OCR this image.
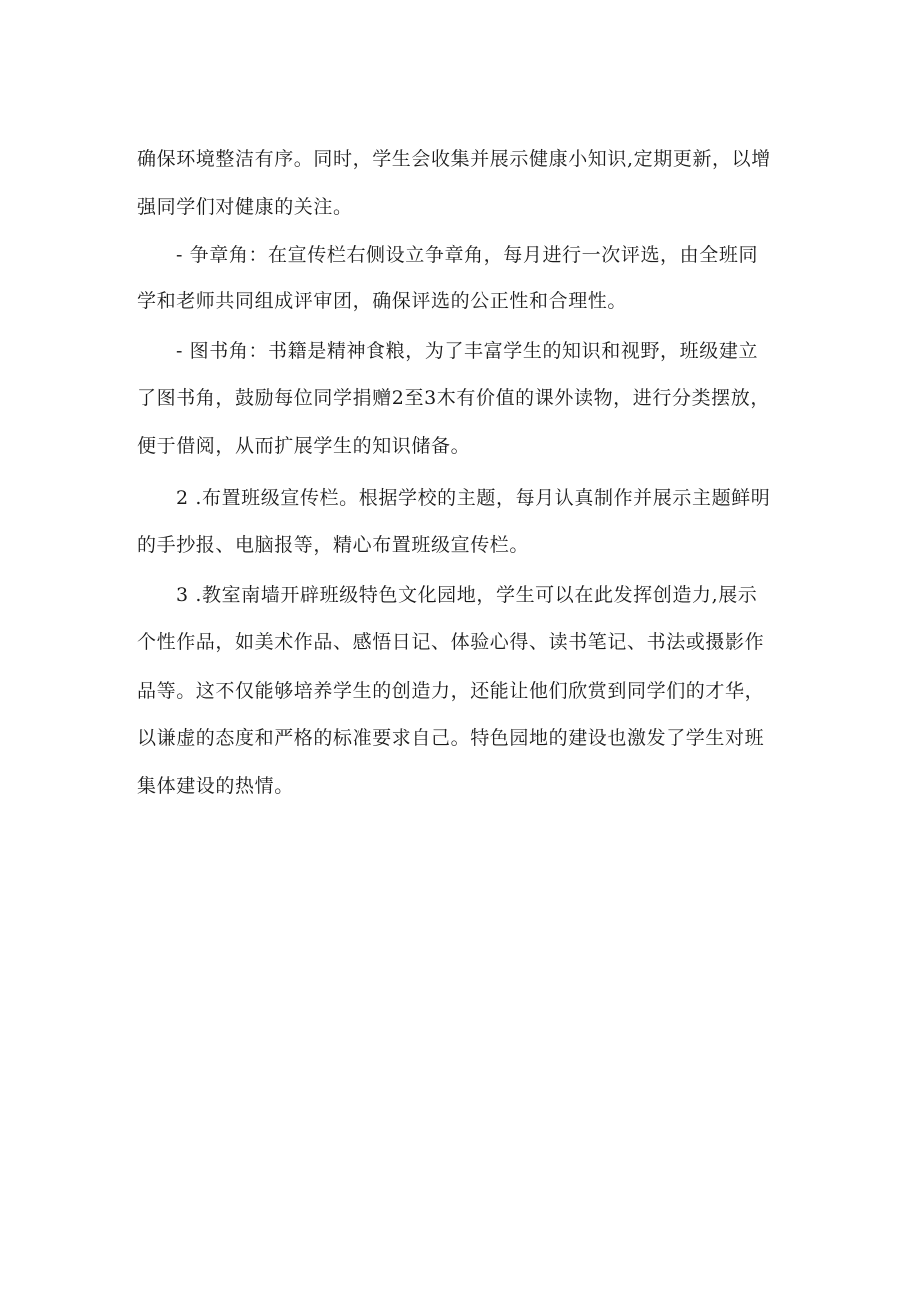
确保环境整洁有序。同时，学生会收集并展示健康小知识,定期更新，以增
强同学们对健康的关注。
- 争章角：在宣传栏右侧设立争章角，每月进行一次评选，由全班同
学和老师共同组成评审团，确保评选的公正性和合理性。
- 图书角：书籍是精神食粮，为了丰富学生的知识和视野，班级建立
了图书角，鼓励每位同学捐赠2至3木有价值的课外读物，进行分类摆放，
便于借阅，从而扩展学生的知识储备。
2 .布置班级宣传栏。根据学校的主题，每月认真制作并展示主题鲜明
的手抄报、电脑报等，精心布置班级宣传栏。
3 .教室南墙开辟班级特色文化园地，学生可以在此发挥创造力,展示
个性作品，如美术作品、感悟日记、体验心得、读书笔记、书法或摄影作
品等。这不仅能够培养学生的创造力，还能让他们欣赏到同学们的才华，
以谦虚的态度和严格的标准要求自己。特色园地的建设也激发了学生对班
集体建设的热情。
